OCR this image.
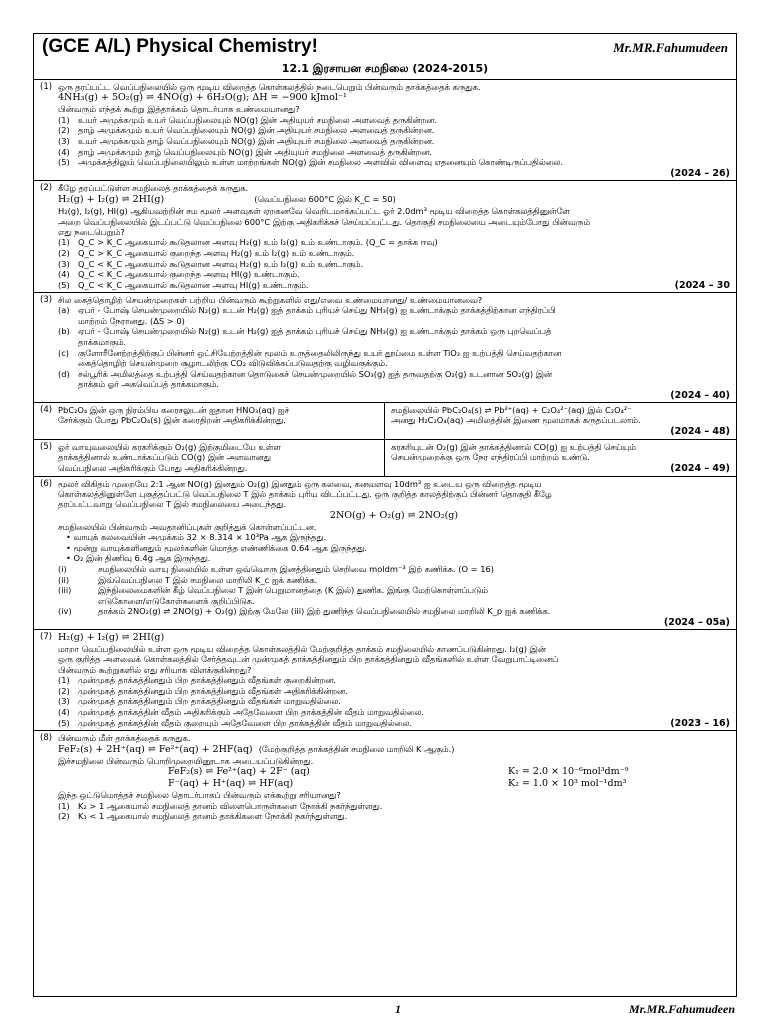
(GCE A/L) Physical Chemistry!	Mr.MR.Fahumudeen
12.1 இரசாயன சமநிலை (2024-2015)
(1) ஒரு தரப்பட்ட வெப்பநிலையில் ஒரு மூடிய விறைத்த கொள்கலத்தில் நடைபெறும் பின்வரும் தாக்கத்தைக் கருதுக.
4NH₃(g) + 5O₂(g) ⇌ 4NO(g) + 6H₂O(g); ΔH = −900 kJmol⁻¹
பின்வரும் எந்தக் கூற்று இத்தாக்கம் தொடர்பாக உண்மையானது?
(1) உயர் அமுக்கமும் உயர் வெப்பநிலையும் NO(g) இன் அதியுயர் சமநிலை அளவைத் தருகின்றன.
(2) தாழ் அமுக்கமும் உயர் வெப்பநிலையும் NO(g) இன் அதியுயர் சமநிலை அளவைத் தருகின்றன.
(3) உயர் அமுக்கமும் தாழ் வெப்பநிலையும் NO(g) இன் அதியுயர் சமநிலை அளவைத் தருகின்றன.
(4) தாழ் அமுக்கமும் தாழ் வெப்பநிலையும் NO(g) இன் அதியுயர் சமநிலை அளவைத் தருகின்றன.
(5) அமுக்கத்திலும் வெப்பநிலையிலும் உள்ள மாற்றங்கள் NO(g) இன் சமநிலை அளவில் விளைவு எதனையும் கொண்டிருப்பதில்லை.
(2024 – 26)
(2) கீழே தரப்பட்டுள்ள சமநிலைத் தாக்கத்தைக் கருதுக.
H₂(g) + I₂(g) ⇌ 2HI(g)	(வெப்பநிலை 600°C இல் K_C = 50)
H₂(g), I₂(g), HI(g) ஆகியவற்றின் சம மூலர் அளவுகள் ஏறகனவே வெறிடமாக்கப்பட்ட ஓர் 2.0dm³ மூடிய விறைத்த கொள்கலத்தினுள்ளே
அறை வெப்பநிலையில் இடப்பட்டு வெப்பநிலை 600°C இற்கு அதிகரிக்கச் செய்யப்பட்டது. தொகுதி சமநிலையை அடையும்போது பின்வரும்
எது நடைபெறும்?
(1) Q_C > K_C ஆகையால் கூடுதலான அளவு H₂(g) உம் I₂(g) உம் உண்டாகும். (Q_C = தாக்க ஈவு)
(2) Q_C > K_C ஆகையால் குறைந்த அளவு H₂(g) உம் I₂(g) உம் உண்டாகும்.
(3) Q_C < K_C ஆகையால் கூடுதலான அளவு H₂(g) உம் I₂(g) உம் உண்டாகும்.
(4) Q_C < K_C ஆகையால் குறைந்த அளவு HI(g) உண்டாகும்.
(5) Q_C < K_C ஆகையால் கூடுதலான அளவு HI(g) உண்டாகும்.	(2024 – 30
(3) சில கைத்தொழிற் செயன்முறைகள் பற்றிய பின்வரும் கூற்றுகளில் எது/எவை உண்மையானது/ உண்மையானவை?
(a)	ஏபர் - போஷ் செயன்முறையில் N₂(g) உடன் H₂(g) ஐத் தாக்கம் புரியச் செய்து NH₃(g) ஐ உண்டாக்கும் தாக்கத்திற்கான எந்திரப்பி
மாற்றம் நேரானது. (ΔS > 0)
(b) ஏபர் - போஷ் செயன்முறையில் N₂(g) உடன் H₂(g) ஐத் தாக்கம் புரியச் செய்து NH₃(g) ஐ உண்டாக்கும் தாக்கம் ஒரு புறவெப்பத்
தாக்கமாகும்.
(c)	குளோரீனேற்றத்திற்குப் பின்னர் ஒட்சியேற்றத்தின் மூலம் உருத்தைலிலிருந்து உயர் தூய்மை உள்ள TiO₂ ஐ உற்பத்தி செய்வதற்கான
கைத்தொழிற் செயன்முறை சூழாடலிற்கு CO₂ விடுவிக்கப்படுவதற்கு வழிவகுக்கும்.
(d) சல்பூரிக் அமிலத்தை உற்பத்தி செய்வதற்கான தொடுகைச் செயன்முறையில் SO₃(g) ஐத் தருவதற்கு O₂(g) உடனான SO₂(g) இன்
தாக்கம் ஓர் அகவெப்பத் தாக்கமாகும்.
(2024 – 40)
(4) PbC₂O₄ இன் ஒரு நிரம்பிய கரைசலுடன் ஐதான HNO₃(aq) ஐச்
சேர்க்கும் போது PbC₂O₄(s) இன் கரைதிறன் அதிகரிக்கின்றது.
சமநிலையில் PbC₂O₄(s) ⇌ Pb²⁺(aq) + C₂O₄²⁻(aq) இல் C₂O₄²⁻
அனது H₂C₂O₄(aq) அமிலத்தின் இணை மூலமாகக் கருதப்படலாம்.
(2024 – 48)
(5) ஓர் வாயுவலையில் கரகரிக்கும் O₂(g) இற்குமிடையே உள்ள
தாக்கத்தினால் உண்டாக்கப்படும் CO(g) இன் அளவானது
வெப்பநிலை அதிகரிக்கும் போது அதிகரிக்கின்றது.
கரகரியுடன் O₂(g) இன் தாக்கத்தினால் CO(g) ஐ உற்பத்தி செய்யும்
செயன்முறைக்கு ஒரு நேர எந்திரப்பி மாற்றம் உண்டு.
(2024 – 49)
(6) மூலர் விகிதம் முறையே 2:1 ஆன NO(g) இனதும் O₂(g) இனதும் ஒரு கலவை, கனவளவு 10dm³ ஐ உடைய ஒரு விறைத்த மூடிய
கொள்கலத்தினுள்ளே புகுத்தப்பட்டு வெப்பநிலை T இல் தாக்கம் புரிய விடப்பட்டது. ஒரு குறித்த காலத்திற்குப் பின்னர் தொகுதி கீழே
தரப்பட்டவாறு வெப்பநிலை T இல் சமநிலையை அடைந்தது.
2NO(g) + O₂(g) ⇌ 2NO₂(g)
சமநிலையில் பின்வரும் அவதானிப்புகள் குறித்துக் கொள்ளப்பட்டன.
• வாயுக் கலவையின் அமுக்கம் 32 × 8.314 × 10³Pa ஆக இருந்தது.
• மூன்று வாயுக்களினதும் மூலர்களின் மொத்த எண்ணிக்கை 0.64 ஆக இருந்தது.
• O₂ இன் திணிவு 6.4g ஆக இருந்தது.
(i)	சமநிலையில் வாயு நிலையில் உள்ள ஒவ்வொரு இனத்தினதும் செறிவை moldm⁻³ இற் கணிக்க. (O = 16)
(ii)	இவ்வெப்பநிலை T இல் சமநிலை மாறிலி K_c ஐக் கணிக்க.
(iii)	இந்நிலைமைகளின் கீழ் வெப்பநிலை T இன் பெறுமானத்தை (K இல்) துணிக. இங்கு மேற்கொள்ளப்படும்
எடுகோளை/எடுகோள்களைக் குறிப்பிடுக.
(iv)	தாக்கம் 2NO₂(g) ⇌ 2NO(g) + O₂(g) இற்கு மேலே (iii) இற் துணிந்த வெப்பநிலையில் சமநிலை மாறிலி K_p ஐக் கணிக்க.
(2024 – 05a)
(7) H₂(g) + I₂(g) ⇌ 2HI(g)
மாறா வெப்பநிலையில் உள்ள ஒரு மூடிய விறைத்த கொள்கலத்தில் மேற்குறித்த தாக்கம் சமநிலையில் காணப்படுகின்றது. I₂(g) இன்
ஒரு குறித்த அளவைக் கொள்கலத்தில் சேர்த்தவுடன் முன்முகத் தாக்கத்தினதும் பிற தாக்கத்தினதும் வீதங்களில் உள்ள வேறுபாட்டினைப்
பின்வரும் கூற்றுகளில் எது சரியாக விளக்குகின்றது?
(1) முன்முகத் தாக்கத்தினதும் பிற தாக்கத்தினதும் வீதங்கள் குறைகின்றன.
(2) முன்முகத் தாக்கத்தினதும் பிற தாக்கத்தினதும் வீதங்கள் அதிகரிக்கின்றன.
(3) முன்முகத் தாக்கத்தினதும் பிற தாக்கத்தினதும் வீதங்கள் மாறுவதில்லை.
(4) முன்முகத் தாக்கத்தின் வீதம் அதிகரிக்கும் அதேவேளை பிற தாக்கத்தின் வீதம் மாறுவதில்லை.
(5) முன்முகத் தாக்கத்தின் வீதம் குறையும் அதேவேளை பிற தாக்கத்தின் வீதம் மாறுவதில்லை.	(2023 – 16)
(8) பின்வரும் மீள் தாக்கத்தைக் கருதுக.
FeF₂(s) + 2H⁺(aq) ⇌ Fe²⁺(aq) + 2HF(aq) (மேற்குறித்த தாக்கத்தின் சமநிலை மாறிலி K ஆகும்.)
இச்சமநிலை பின்வரும் பொறிமுறையினூடாக அடையப்படுகின்றது.
FeF₂(s) ⇌ Fe²⁺(aq) + 2F⁻ (aq)	K₁ = 2.0 × 10⁻⁶mol³dm⁻⁹
F⁻(aq) + H⁺(aq) ⇌ HF(aq)	K₂ = 1.0 × 10³ mol⁻¹dm³
இந்த ஒட்டுமொத்தச் சமநிலை தொடர்பாகப் பின்வரும் எக்கூற்று சரியானது?
(1) K₂ > 1 ஆகையால் சமநிலைத் தானம் விளைபொருள்களை நோக்கி நகர்ந்துள்ளது.
(2) K₁ < 1 ஆகையால் சமநிலைத் தானம் தாக்கிகளை நோக்கி நகர்ந்துள்ளது.
1	Mr.MR.Fahumudeen
